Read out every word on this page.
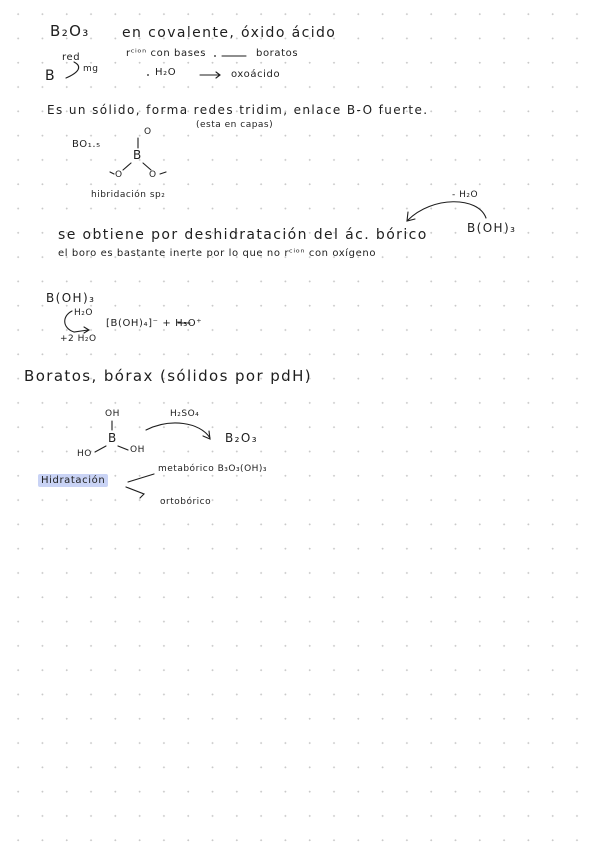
B₂O₃ en covalente, óxido ácido
red
mg
B
rᶜⁱᵒⁿ con bases	boratos
H₂O	oxoácido
Es un sólido, forma redes tridim, enlace B-O fuerte.
(esta en capas)
BO₁.₅
O
B
O	O
hibridación sp₂	- H₂O
B(OH)₃
se obtiene por deshidratación del ác. bórico
el boro es bastante inerte por lo que no rᶜⁱᵒⁿ con oxígeno
B(OH)₃
H₂O
+2 H₂O
[B(OH)₄]⁻ + H₃O⁺
Boratos, bórax (sólidos por pdH)
OH
B
HO	OH
H₂SO₄
B₂O₃
Hidratación
metabórico B₃O₃(OH)₃
ortobórico
